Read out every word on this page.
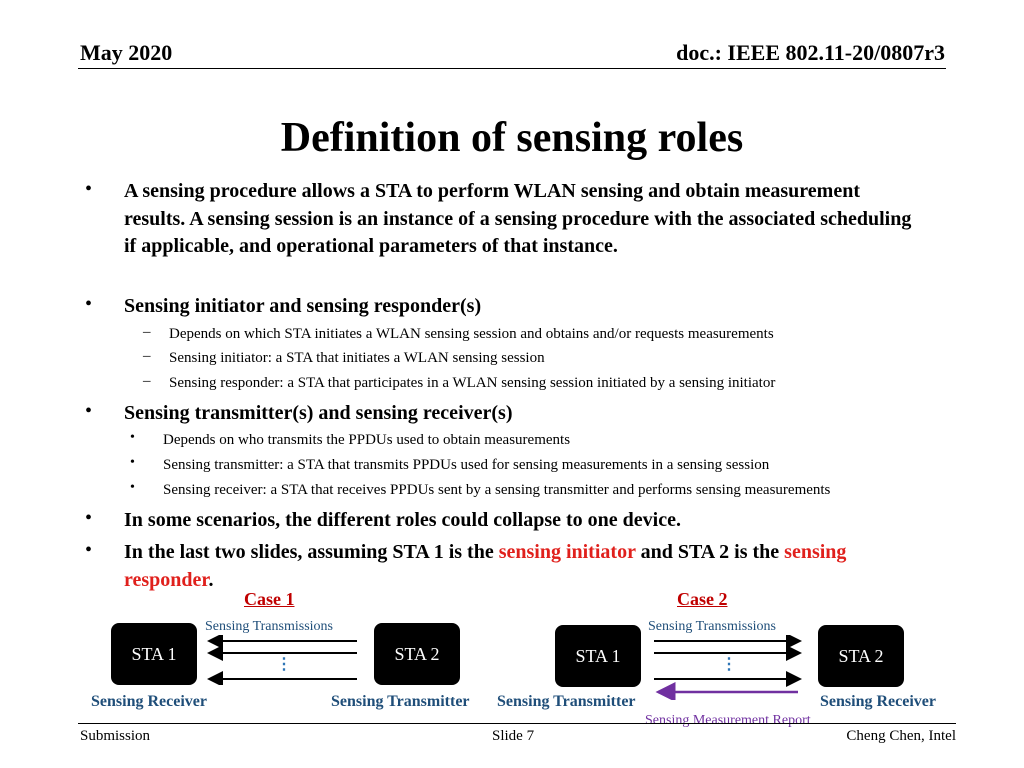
May 2020	doc.: IEEE 802.11-20/0807r3
Definition of sensing roles
• A sensing procedure allows a STA to perform WLAN sensing and obtain measurement results. A sensing session is an instance of a sensing procedure with the associated scheduling if applicable, and operational parameters of that instance.
• Sensing initiator and sensing responder(s)
– Depends on which STA initiates a WLAN sensing session and obtains and/or requests measurements
– Sensing initiator: a STA that initiates a WLAN sensing session
– Sensing responder: a STA that participates in a WLAN sensing session initiated by a sensing initiator
• Sensing transmitter(s) and sensing receiver(s)
• Depends on who transmits the PPDUs used to obtain measurements
• Sensing transmitter: a STA that transmits PPDUs used for sensing measurements in a sensing session
• Sensing receiver: a STA that receives PPDUs sent by a sensing transmitter and performs sensing measurements
• In some scenarios, the different roles could collapse to one device.
• In the last two slides, assuming STA 1 is the sensing initiator and STA 2 is the sensing responder.
Case 1
Sensing Transmissions
STA 1	STA 2
⋮
Sensing Receiver	Sensing Transmitter
Case 2
Sensing Transmissions
STA 1	STA 2
⋮
Sensing Transmitter	Sensing Receiver
Sensing Measurement Report
Submission	Slide 7	Cheng Chen, Intel
